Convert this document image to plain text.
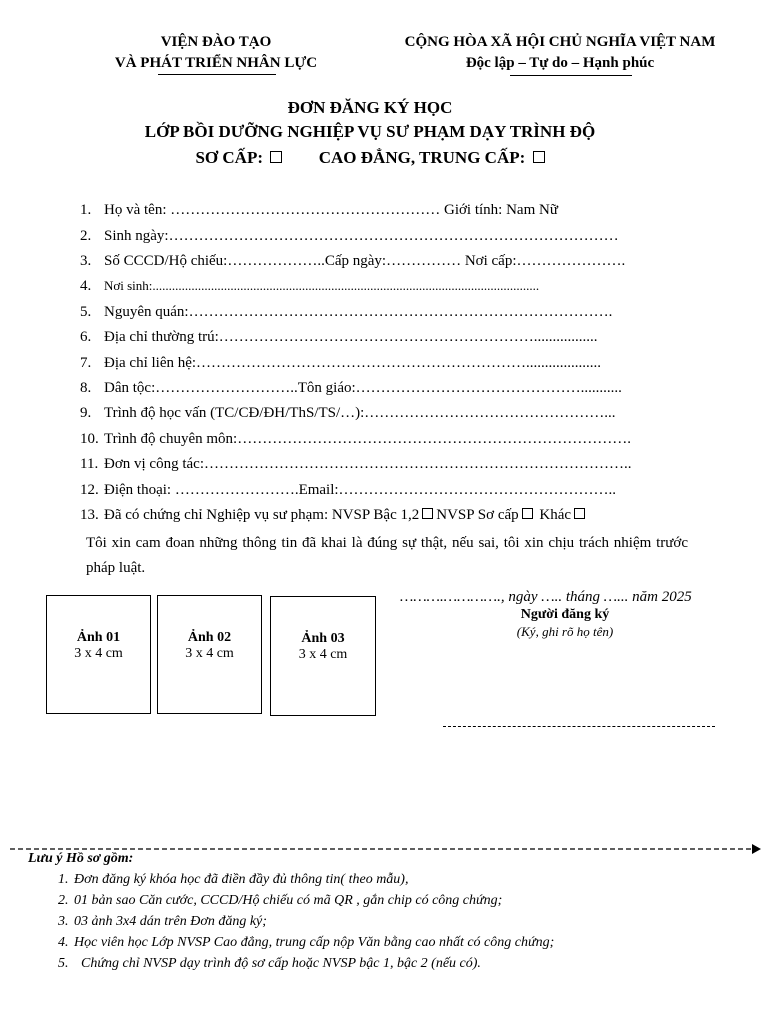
VIỆN ĐÀO TẠO
VÀ PHÁT TRIỂN NHÂN LỰC
CỘNG HÒA XÃ HỘI CHỦ NGHĨA VIỆT NAM
Độc lập – Tự do – Hạnh phúc
ĐƠN ĐĂNG KÝ HỌC
LỚP BỒI DƯỠNG NGHIỆP VỤ SƯ PHẠM DẠY TRÌNH ĐỘ
SƠ CẤP:	CAO ĐẲNG, TRUNG CẤP:
1. Họ và tên: ……………………………………………… Giới tính: Nam Nữ
2. Sinh ngày:………………………………………………………………………………
3. Số CCCD/Hộ chiếu:………………..Cấp ngày:…………… Nơi cấp:………………….
4. Nơi sinh:.......................................................................................................................
5. Nguyên quán:………………………………………………………………………….
6. Địa chỉ thường trú:……………………………………………………….................
7. Địa chỉ liên hệ:…………………………………………………………....................
8. Dân tộc:………………………..Tôn giáo:………………………………………...........
9. Trình độ học vấn (TC/CĐ/ĐH/ThS/TS/…):…………………………………………...
10. Trình độ chuyên môn:…………………………………………………………………….
11. Đơn vị công tác:…………………………………………………………………………..
12. Điện thoại: …………………….Email:………………………………………………..
13. Đã có chứng chỉ Nghiệp vụ sư phạm: NVSP Bậc 1,2 NVSP Sơ cấp Khác
Tôi xin cam đoan những thông tin đã khai là đúng sự thật, nếu sai, tôi xin chịu trách nhiệm trước pháp luật.
Ảnh 01
3 x 4 cm
Ảnh 02
3 x 4 cm
Ảnh 03
3 x 4 cm
……….…………., ngày ….. tháng …... năm 2025
Người đăng ký
(Ký, ghi rõ họ tên)
Lưu ý Hồ sơ gồm:
1. Đơn đăng ký khóa học đã điền đầy đủ thông tin( theo mẫu),
2. 01 bản sao Căn cước, CCCD/Hộ chiếu có mã QR , gắn chip có công chứng;
3. 03 ảnh 3x4 dán trên Đơn đăng ký;
4. Học viên học Lớp NVSP Cao đẳng, trung cấp nộp Văn bằng cao nhất có công chứng;
5.   Chứng chỉ NVSP dạy trình độ sơ cấp hoặc NVSP bậc 1, bậc 2 (nếu có).
